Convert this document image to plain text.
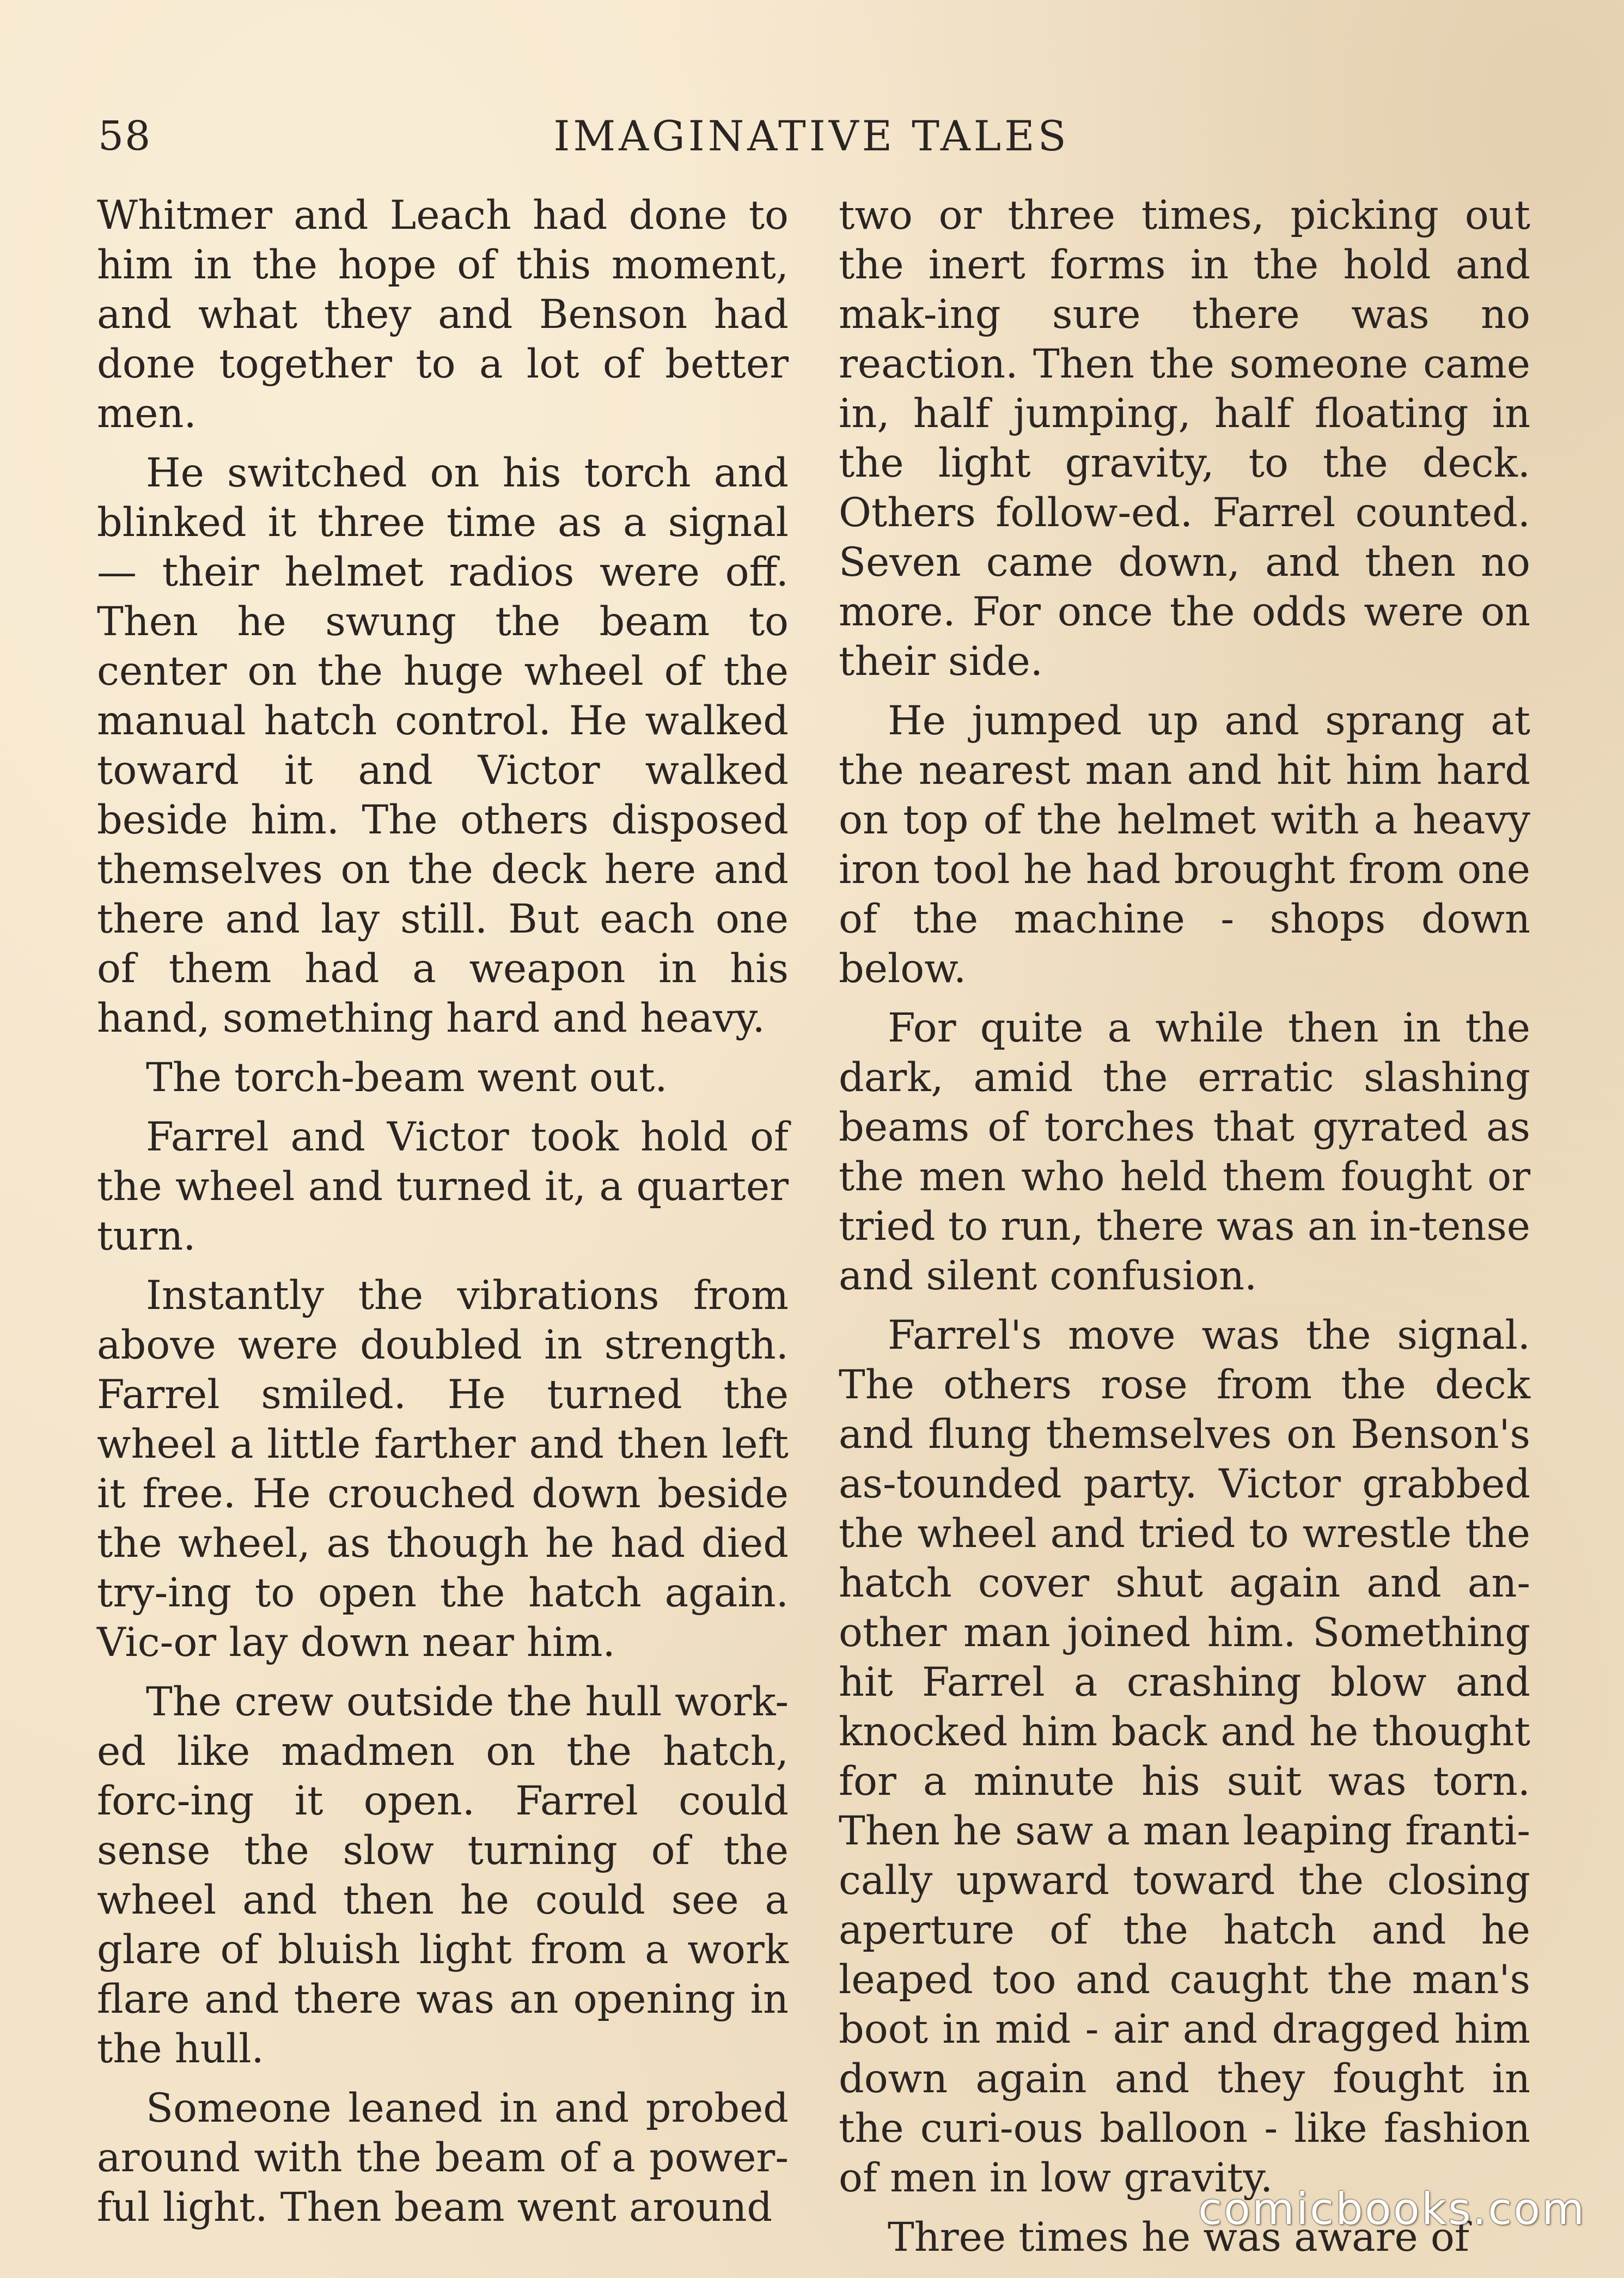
58	IMAGINATIVE TALES

Whitmer and Leach had done to him in the hope of this moment, and what they and Benson had done together to a lot of better men.

He switched on his torch and blinked it three time as a signal — their helmet radios were off. Then he swung the beam to center on the huge wheel of the manual hatch control. He walked toward it and Victor walked beside him. The others disposed themselves on the deck here and there and lay still. But each one of them had a weapon in his hand, something hard and heavy.

The torch-beam went out.

Farrel and Victor took hold of the wheel and turned it, a quarter turn.

Instantly the vibrations from above were doubled in strength. Farrel smiled. He turned the wheel a little farther and then left it free. He crouched down beside the wheel, as though he had died try-ing to open the hatch again. Vic-or lay down near him.

The crew outside the hull work-ed like madmen on the hatch, forc-ing it open. Farrel could sense the slow turning of the wheel and then he could see a glare of bluish light from a work flare and there was an opening in the hull.

Someone leaned in and probed around with the beam of a power-ful light. Then beam went around

two or three times, picking out the inert forms in the hold and mak-ing sure there was no reaction. Then the someone came in, half jumping, half floating in the light gravity, to the deck. Others follow-ed. Farrel counted. Seven came down, and then no more. For once the odds were on their side.

He jumped up and sprang at the nearest man and hit him hard on top of the helmet with a heavy iron tool he had brought from one of the machine - shops down below.

For quite a while then in the dark, amid the erratic slashing beams of torches that gyrated as the men who held them fought or tried to run, there was an in-tense and silent confusion.

Farrel's move was the signal. The others rose from the deck and flung themselves on Benson's as-tounded party. Victor grabbed the wheel and tried to wrestle the hatch cover shut again and an-other man joined him. Something hit Farrel a crashing blow and knocked him back and he thought for a minute his suit was torn. Then he saw a man leaping franti-cally upward toward the closing aperture of the hatch and he leaped too and caught the man's boot in mid - air and dragged him down again and they fought in the curi-ous balloon - like fashion of men in low gravity.

Three times he was aware of

comicbooks.com
